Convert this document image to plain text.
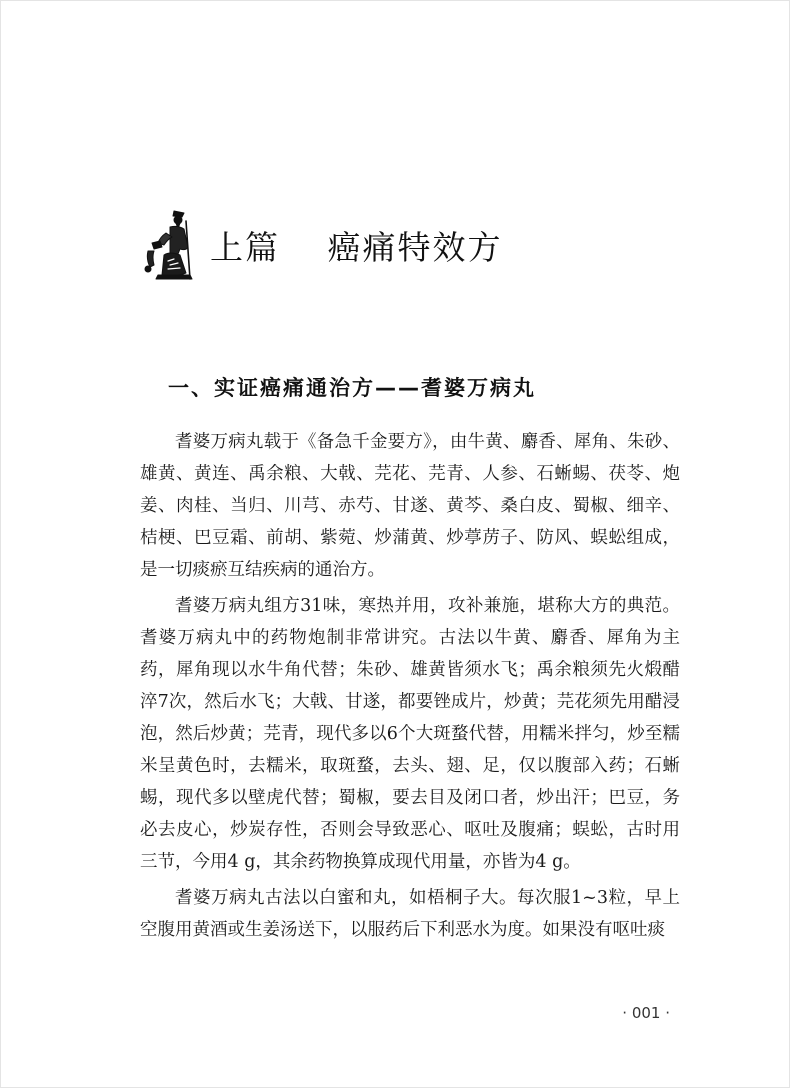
上篇　 癌痛特效方
一、实证癌痛通治方——耆婆万病丸

耆婆万病丸载于《备急千金要方》，由牛黄、麝香、犀角、朱砂、雄黄、黄连、禹余粮、大戟、芫花、芫青、人参、石蜥蜴、茯苓、炮姜、肉桂、当归、川芎、赤芍、甘遂、黄芩、桑白皮、蜀椒、细辛、桔梗、巴豆霜、前胡、紫菀、炒蒲黄、炒葶苈子、防风、蜈蚣组成，是一切痰瘀互结疾病的通治方。

耆婆万病丸组方31味，寒热并用，攻补兼施，堪称大方的典范。耆婆万病丸中的药物炮制非常讲究。古法以牛黄、麝香、犀角为主药，犀角现以水牛角代替；朱砂、雄黄皆须水飞；禹余粮须先火煅醋淬7次，然后水飞；大戟、甘遂，都要锉成片，炒黄；芫花须先用醋浸泡，然后炒黄；芫青，现代多以6个大斑蝥代替，用糯米拌匀，炒至糯米呈黄色时，去糯米，取斑蝥，去头、翅、足，仅以腹部入药；石蜥蜴，现代多以壁虎代替；蜀椒，要去目及闭口者，炒出汗；巴豆，务必去皮心，炒炭存性，否则会导致恶心、呕吐及腹痛；蜈蚣，古时用三节，今用4 g，其余药物换算成现代用量，亦皆为4 g。

耆婆万病丸古法以白蜜和丸，如梧桐子大。每次服1~3粒，早上空腹用黄酒或生姜汤送下，以服药后下利恶水为度。如果没有呕吐痰

· 001 ·
